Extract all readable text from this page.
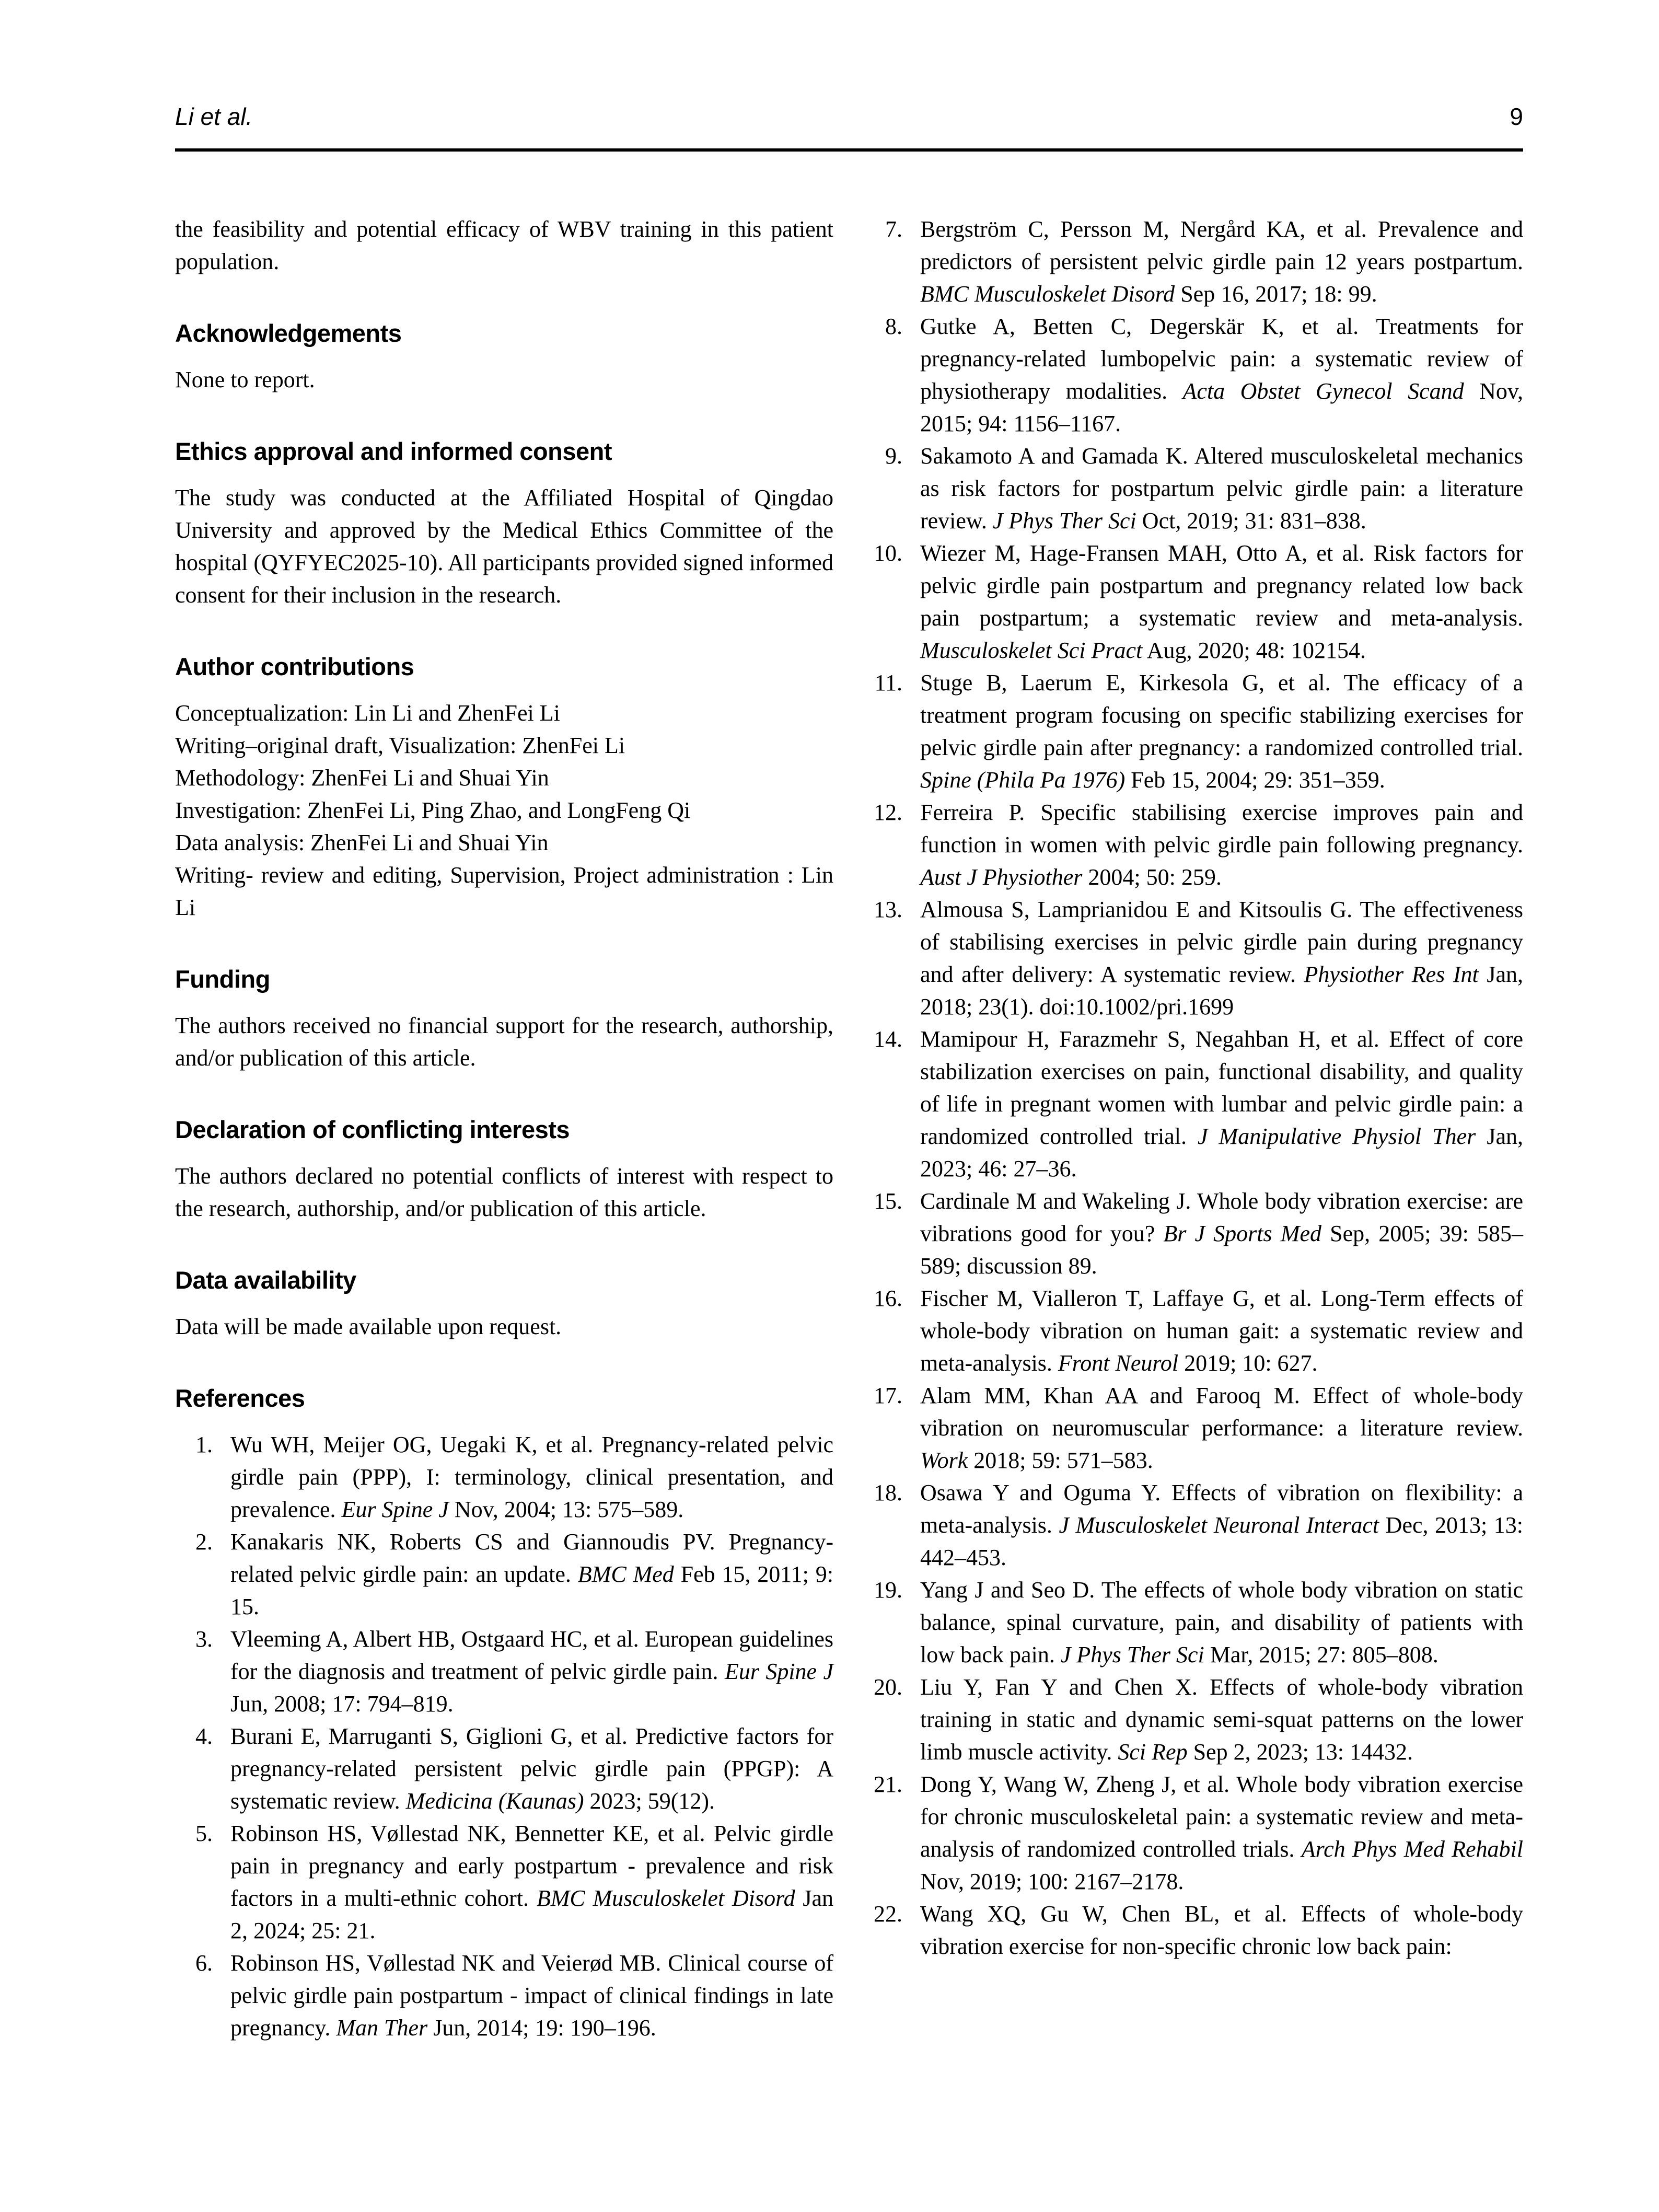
Li et al.	9

the feasibility and potential efficacy of WBV training in this patient population.

Acknowledgements

None to report.

Ethics approval and informed consent

The study was conducted at the Affiliated Hospital of Qingdao University and approved by the Medical Ethics Committee of the hospital (QYFYEC2025-10). All participants provided signed informed consent for their inclusion in the research.

Author contributions

Conceptualization: Lin Li and ZhenFei Li

Writing–original draft, Visualization: ZhenFei Li

Methodology: ZhenFei Li and Shuai Yin

Investigation: ZhenFei Li, Ping Zhao, and LongFeng Qi

Data analysis: ZhenFei Li and Shuai Yin

Writing- review and editing, Supervision, Project administration : Lin Li

Funding

The authors received no financial support for the research, authorship, and/or publication of this article.

Declaration of conflicting interests

The authors declared no potential conflicts of interest with respect to the research, authorship, and/or publication of this article.

Data availability

Data will be made available upon request.

References
1. Wu WH, Meijer OG, Uegaki K, et al. Pregnancy-related pelvic girdle pain (PPP), I: terminology, clinical presentation, and prevalence. Eur Spine J Nov, 2004; 13: 575–589.
2. Kanakaris NK, Roberts CS and Giannoudis PV. Pregnancy-related pelvic girdle pain: an update. BMC Med Feb 15, 2011; 9: 15.
3. Vleeming A, Albert HB, Ostgaard HC, et al. European guidelines for the diagnosis and treatment of pelvic girdle pain. Eur Spine J Jun, 2008; 17: 794–819.
4. Burani E, Marruganti S, Giglioni G, et al. Predictive factors for pregnancy-related persistent pelvic girdle pain (PPGP): A systematic review. Medicina (Kaunas) 2023; 59(12).
5. Robinson HS, Vøllestad NK, Bennetter KE, et al. Pelvic girdle pain in pregnancy and early postpartum - prevalence and risk factors in a multi-ethnic cohort. BMC Musculoskelet Disord Jan 2, 2024; 25: 21.
6. Robinson HS, Vøllestad NK and Veierød MB. Clinical course of pelvic girdle pain postpartum - impact of clinical findings in late pregnancy. Man Ther Jun, 2014; 19: 190–196.
7. Bergström C, Persson M, Nergård KA, et al. Prevalence and predictors of persistent pelvic girdle pain 12 years postpartum. BMC Musculoskelet Disord Sep 16, 2017; 18: 99.
8. Gutke A, Betten C, Degerskär K, et al. Treatments for pregnancy-related lumbopelvic pain: a systematic review of physiotherapy modalities. Acta Obstet Gynecol Scand Nov, 2015; 94: 1156–1167.
9. Sakamoto A and Gamada K. Altered musculoskeletal mechanics as risk factors for postpartum pelvic girdle pain: a literature review. J Phys Ther Sci Oct, 2019; 31: 831–838.
10. Wiezer M, Hage-Fransen MAH, Otto A, et al. Risk factors for pelvic girdle pain postpartum and pregnancy related low back pain postpartum; a systematic review and meta-analysis. Musculoskelet Sci Pract Aug, 2020; 48: 102154.
11. Stuge B, Laerum E, Kirkesola G, et al. The efficacy of a treatment program focusing on specific stabilizing exercises for pelvic girdle pain after pregnancy: a randomized controlled trial. Spine (Phila Pa 1976) Feb 15, 2004; 29: 351–359.
12. Ferreira P. Specific stabilising exercise improves pain and function in women with pelvic girdle pain following pregnancy. Aust J Physiother 2004; 50: 259.
13. Almousa S, Lamprianidou E and Kitsoulis G. The effectiveness of stabilising exercises in pelvic girdle pain during pregnancy and after delivery: A systematic review. Physiother Res Int Jan, 2018; 23(1). doi:10.1002/pri.1699
14. Mamipour H, Farazmehr S, Negahban H, et al. Effect of core stabilization exercises on pain, functional disability, and quality of life in pregnant women with lumbar and pelvic girdle pain: a randomized controlled trial. J Manipulative Physiol Ther Jan, 2023; 46: 27–36.
15. Cardinale M and Wakeling J. Whole body vibration exercise: are vibrations good for you? Br J Sports Med Sep, 2005; 39: 585–589; discussion 89.
16. Fischer M, Vialleron T, Laffaye G, et al. Long-Term effects of whole-body vibration on human gait: a systematic review and meta-analysis. Front Neurol 2019; 10: 627.
17. Alam MM, Khan AA and Farooq M. Effect of whole-body vibration on neuromuscular performance: a literature review. Work 2018; 59: 571–583.
18. Osawa Y and Oguma Y. Effects of vibration on flexibility: a meta-analysis. J Musculoskelet Neuronal Interact Dec, 2013; 13: 442–453.
19. Yang J and Seo D. The effects of whole body vibration on static balance, spinal curvature, pain, and disability of patients with low back pain. J Phys Ther Sci Mar, 2015; 27: 805–808.
20. Liu Y, Fan Y and Chen X. Effects of whole-body vibration training in static and dynamic semi-squat patterns on the lower limb muscle activity. Sci Rep Sep 2, 2023; 13: 14432.
21. Dong Y, Wang W, Zheng J, et al. Whole body vibration exercise for chronic musculoskeletal pain: a systematic review and meta-analysis of randomized controlled trials. Arch Phys Med Rehabil Nov, 2019; 100: 2167–2178.
22. Wang XQ, Gu W, Chen BL, et al. Effects of whole-body vibration exercise for non-specific chronic low back pain:
